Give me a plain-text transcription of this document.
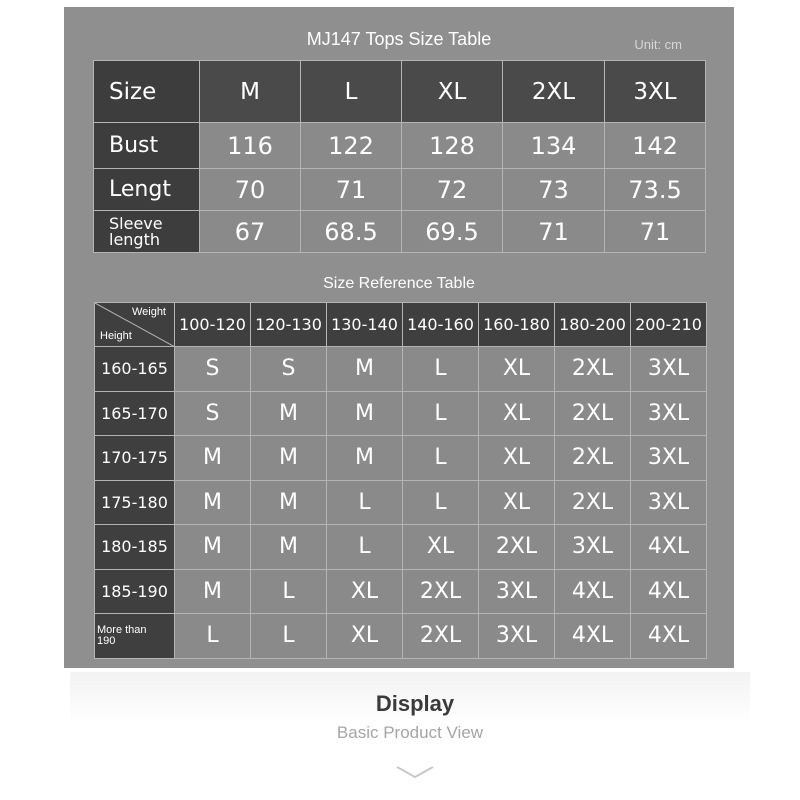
MJ147 Tops Size Table	Unit: cm
Size	M	L	XL	2XL	3XL
Bust	116	122	128	134	142
Lengt	70	71	72	73	73.5

Sleeve
length	67	68.5	69.5	71	71
Size Reference Table
Weight
Height	100-120	120-130	130-140	140-160	160-180	180-200	200-210
160-165	S	S	M	L	XL	2XL	3XL
165-170	S	M	M	L	XL	2XL	3XL
170-175	M	M	M	L	XL	2XL	3XL
175-180	M	M	L	L	XL	2XL	3XL
180-185	M	M	L	XL	2XL	3XL	4XL
185-190	M	L	XL	2XL	3XL	4XL	4XL

More than
190	L	L	XL	2XL	3XL	4XL	4XL
Display
Basic Product View
